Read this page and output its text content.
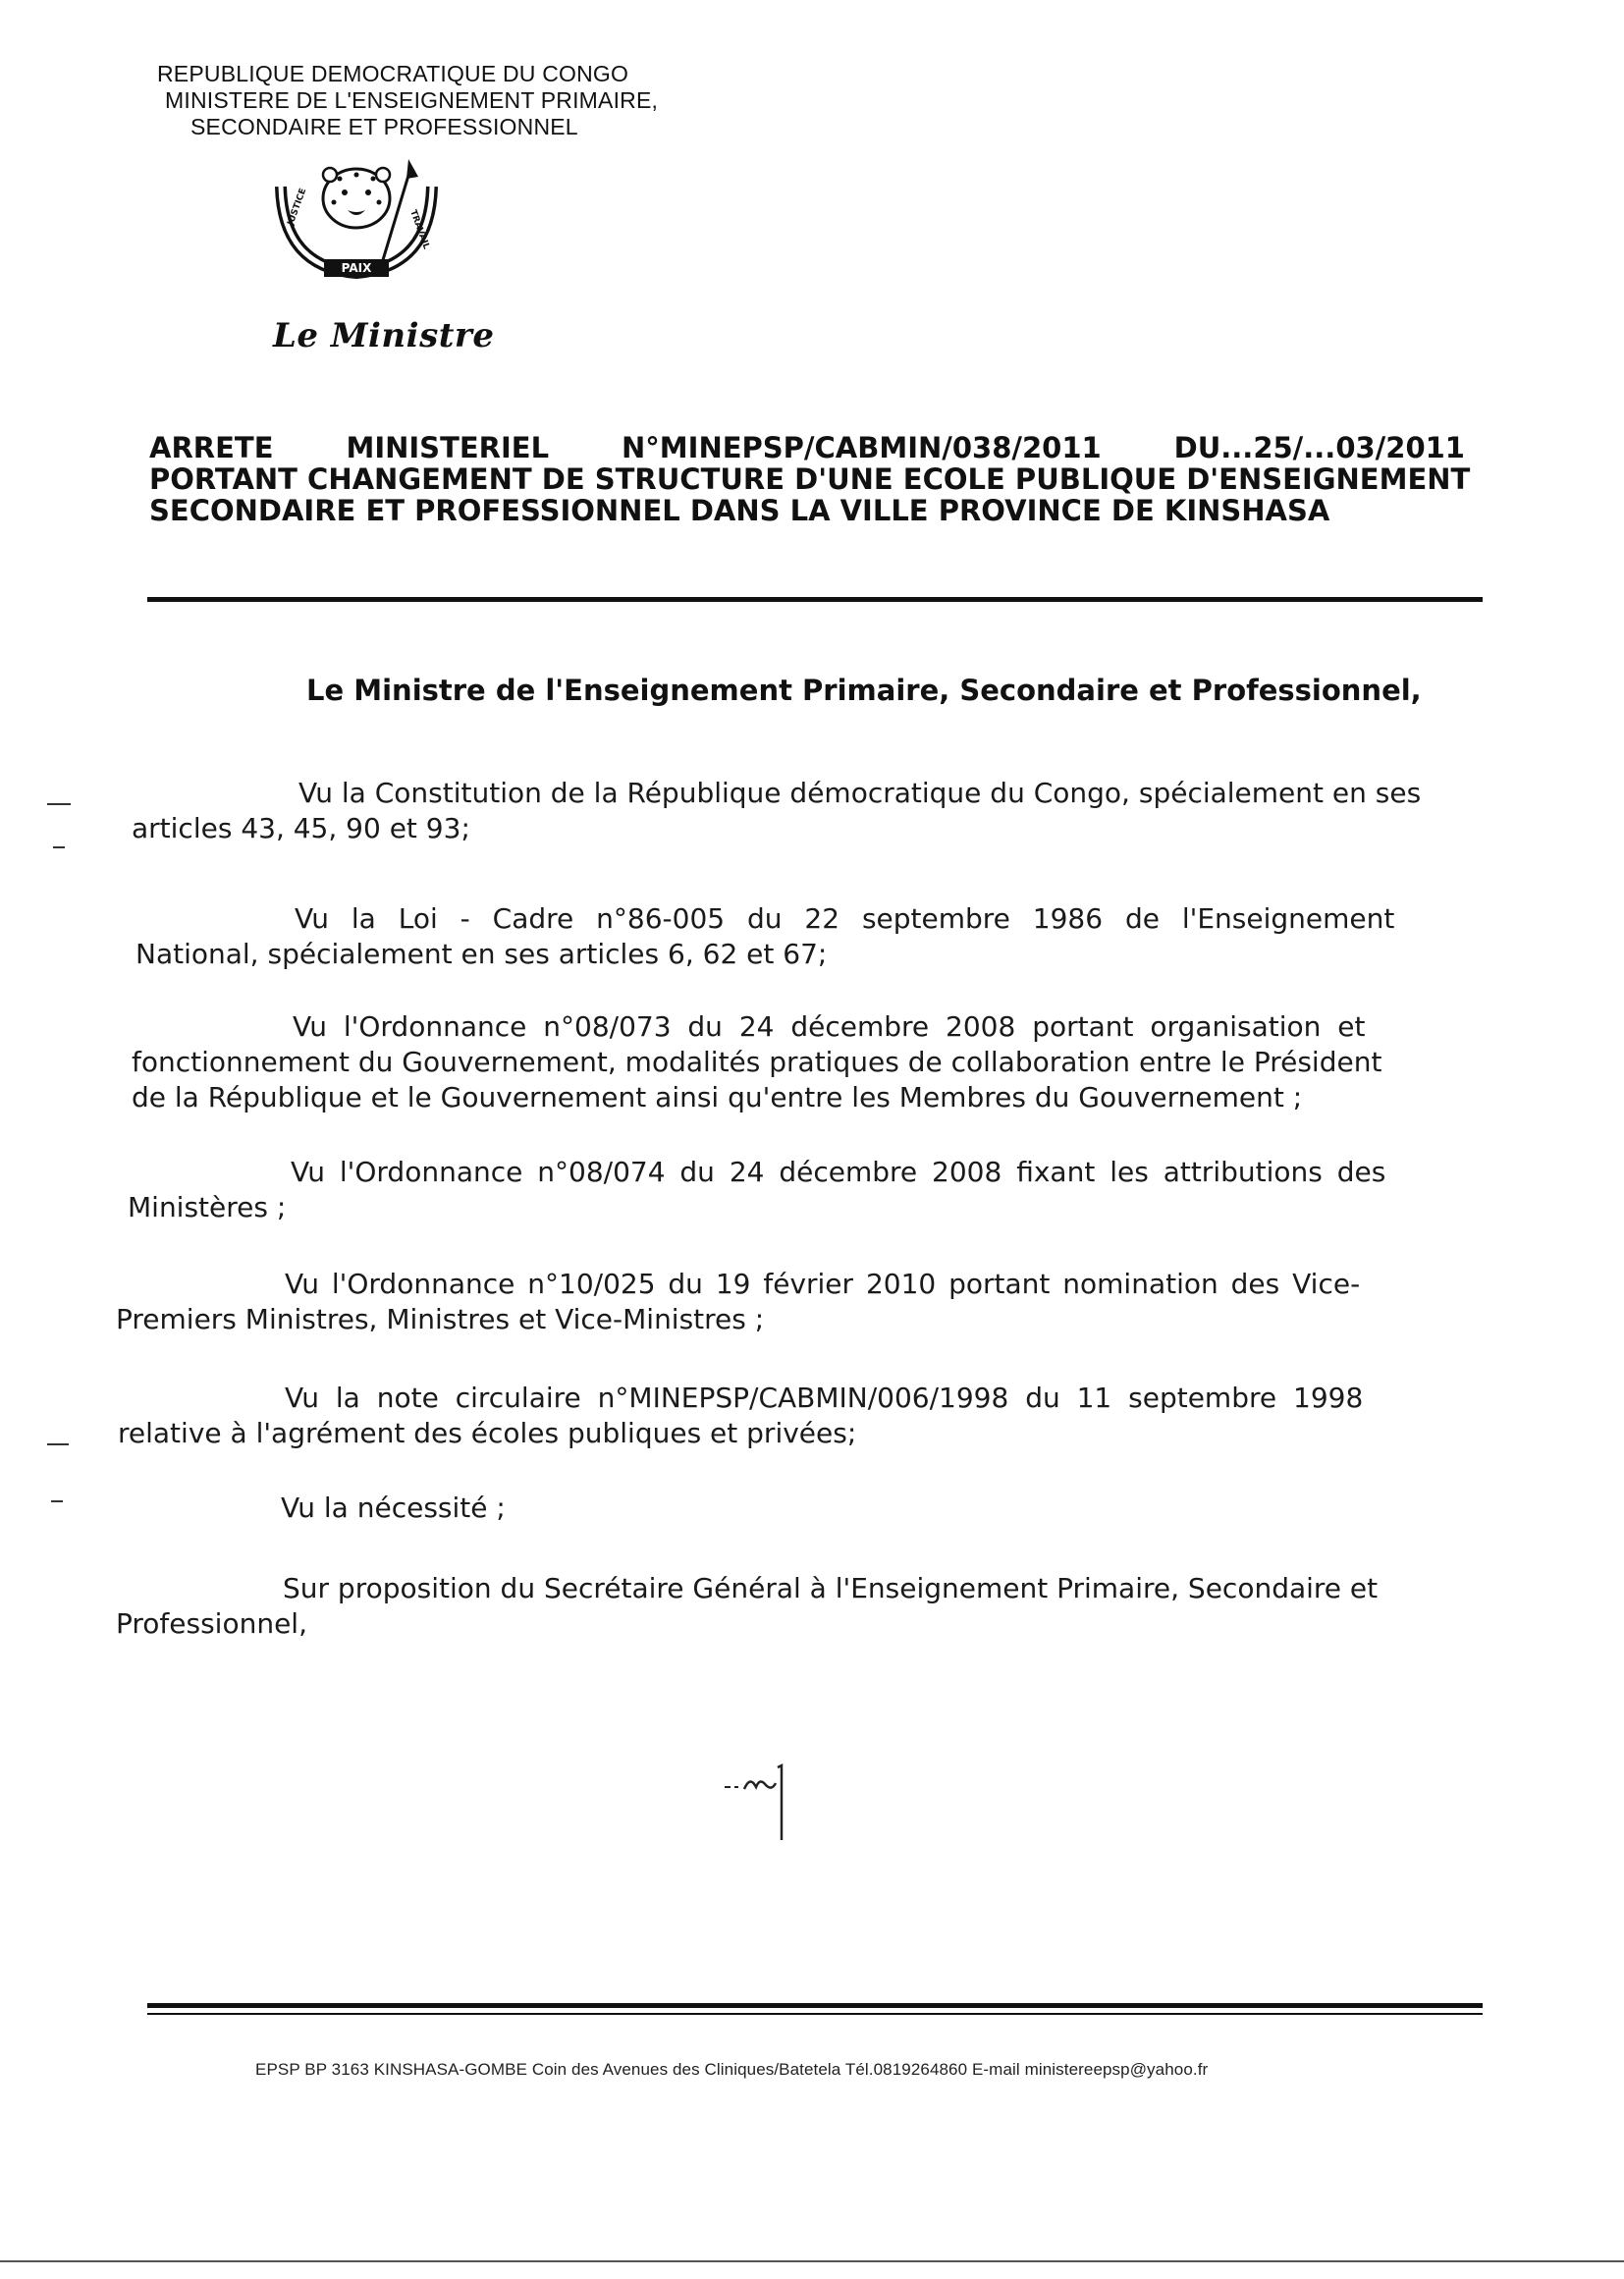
REPUBLIQUE DEMOCRATIQUE DU CONGO
MINISTERE DE L'ENSEIGNEMENT PRIMAIRE,
SECONDAIRE ET PROFESSIONNEL
JUSTICE
TRAVAIL
PAIX
Le Ministre
ARRETE	MINISTERIEL	N°MINEPSP/CABMIN/038/2011	DU...25/...03/2011
PORTANT CHANGEMENT DE STRUCTURE D'UNE ECOLE PUBLIQUE D'ENSEIGNEMENT
SECONDAIRE ET PROFESSIONNEL DANS LA VILLE PROVINCE DE KINSHASA
Le Ministre de l'Enseignement Primaire, Secondaire et Professionnel,
Vu la Constitution de la République démocratique du Congo, spécialement en ses
articles 43, 45, 90 et 93;
Vu la Loi - Cadre n°86-005 du 22 septembre 1986 de l'Enseignement
National, spécialement en ses articles 6, 62 et 67;
Vu l'Ordonnance n°08/073 du 24 décembre 2008 portant organisation et
fonctionnement du Gouvernement, modalités pratiques de collaboration entre le Président
de la République et le Gouvernement ainsi qu'entre les Membres du Gouvernement ;
Vu l'Ordonnance n°08/074 du 24 décembre 2008 fixant les attributions des
Ministères ;
Vu l'Ordonnance n°10/025 du 19 février 2010 portant nomination des Vice-
Premiers Ministres, Ministres et Vice-Ministres ;
Vu la note circulaire n°MINEPSP/CABMIN/006/1998 du 11 septembre 1998
relative à l'agrément des écoles publiques et privées;
Vu la nécessité ;
Sur proposition du Secrétaire Général à l'Enseignement Primaire, Secondaire et
Professionnel,
EPSP BP 3163 KINSHASA-GOMBE Coin des Avenues des Cliniques/Batetela Tél.0819264860 E-mail ministereepsp@yahoo.fr
